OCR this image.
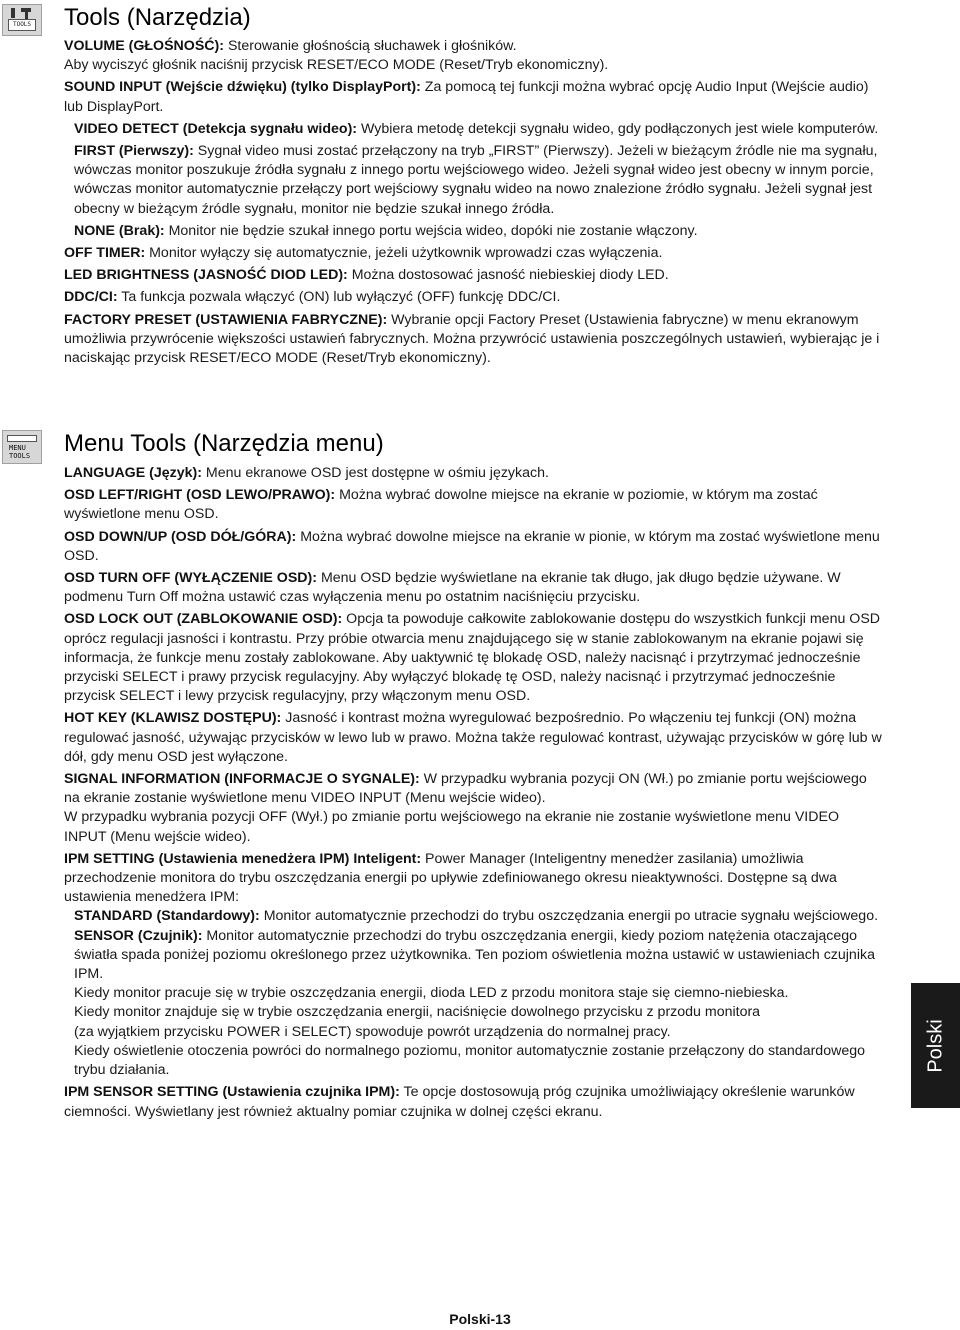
TOOLS
MENU
TOOLS
Tools (Narzędzia)

VOLUME (GŁOŚNOŚĆ): Sterowanie głośnością słuchawek i głośników.
Aby wyciszyć głośnik naciśnij przycisk RESET/ECO MODE (Reset/Tryb ekonomiczny).

SOUND INPUT (Wejście dźwięku) (tylko DisplayPort): Za pomocą tej funkcji można wybrać opcję Audio Input (Wejście audio) lub DisplayPort.

VIDEO DETECT (Detekcja sygnału wideo): Wybiera metodę detekcji sygnału wideo, gdy podłączonych jest wiele komputerów.

FIRST (Pierwszy): Sygnał video musi zostać przełączony na tryb „FIRST” (Pierwszy). Jeżeli w bieżącym źródle nie ma sygnału, wówczas monitor poszukuje źródła sygnału z innego portu wejściowego wideo. Jeżeli sygnał wideo jest obecny w innym porcie, wówczas monitor automatycznie przełączy port wejściowy sygnału wideo na nowo znalezione źródło sygnału. Jeżeli sygnał jest obecny w bieżącym źródle sygnału, monitor nie będzie szukał innego źródła.

NONE (Brak): Monitor nie będzie szukał innego portu wejścia wideo, dopóki nie zostanie włączony.

OFF TIMER: Monitor wyłączy się automatycznie, jeżeli użytkownik wprowadzi czas wyłączenia.

LED BRIGHTNESS (JASNOŚĆ DIOD LED): Można dostosować jasność niebieskiej diody LED.

DDC/CI: Ta funkcja pozwala włączyć (ON) lub wyłączyć (OFF) funkcję DDC/CI.

FACTORY PRESET (USTAWIENIA FABRYCZNE): Wybranie opcji Factory Preset (Ustawienia fabryczne) w menu ekranowym umożliwia przywrócenie większości ustawień fabrycznych. Można przywrócić ustawienia poszczególnych ustawień, wybierając je i naciskając przycisk RESET/ECO MODE (Reset/Tryb ekonomiczny).

Menu Tools (Narzędzia menu)

LANGUAGE (Język): Menu ekranowe OSD jest dostępne w ośmiu językach.

OSD LEFT/RIGHT (OSD LEWO/PRAWO): Można wybrać dowolne miejsce na ekranie w poziomie, w którym ma zostać wyświetlone menu OSD.

OSD DOWN/UP (OSD DÓŁ/GÓRA): Można wybrać dowolne miejsce na ekranie w pionie, w którym ma zostać wyświetlone menu OSD.

OSD TURN OFF (WYŁĄCZENIE OSD): Menu OSD będzie wyświetlane na ekranie tak długo, jak długo będzie używane. W podmenu Turn Off można ustawić czas wyłączenia menu po ostatnim naciśnięciu przycisku.

OSD LOCK OUT (ZABLOKOWANIE OSD): Opcja ta powoduje całkowite zablokowanie dostępu do wszystkich funkcji menu OSD oprócz regulacji jasności i kontrastu. Przy próbie otwarcia menu znajdującego się w stanie zablokowanym na ekranie pojawi się informacja, że funkcje menu zostały zablokowane. Aby uaktywnić tę blokadę OSD, należy nacisnąć i przytrzymać jednocześnie przyciski SELECT i prawy przycisk regulacyjny. Aby wyłączyć blokadę tę OSD, należy nacisnąć i przytrzymać jednocześnie przycisk SELECT i lewy przycisk regulacyjny, przy włączonym menu OSD.

HOT KEY (KLAWISZ DOSTĘPU): Jasność i kontrast można wyregulować bezpośrednio. Po włączeniu tej funkcji (ON) można regulować jasność, używając przycisków w lewo lub w prawo. Można także regulować kontrast, używając przycisków w górę lub w dół, gdy menu OSD jest wyłączone.

SIGNAL INFORMATION (INFORMACJE O SYGNALE): W przypadku wybrania pozycji ON (Wł.) po zmianie portu wejściowego na ekranie zostanie wyświetlone menu VIDEO INPUT (Menu wejście wideo).
W przypadku wybrania pozycji OFF (Wył.) po zmianie portu wejściowego na ekranie nie zostanie wyświetlone menu VIDEO INPUT (Menu wejście wideo).

IPM SETTING (Ustawienia menedżera IPM) Inteligent: Power Manager (Inteligentny menedżer zasilania) umożliwia przechodzenie monitora do trybu oszczędzania energii po upływie zdefiniowanego okresu nieaktywności. Dostępne są dwa ustawienia menedżera IPM:

STANDARD (Standardowy): Monitor automatycznie przechodzi do trybu oszczędzania energii po utracie sygnału wejściowego.
SENSOR (Czujnik): Monitor automatycznie przechodzi do trybu oszczędzania energii, kiedy poziom natężenia otaczającego światła spada poniżej poziomu określonego przez użytkownika. Ten poziom oświetlenia można ustawić w ustawieniach czujnika IPM.
Kiedy monitor pracuje się w trybie oszczędzania energii, dioda LED z przodu monitora staje się ciemno-niebieska.
Kiedy monitor znajduje się w trybie oszczędzania energii, naciśnięcie dowolnego przycisku z przodu monitora
(za wyjątkiem przycisku POWER i SELECT) spowoduje powrót urządzenia do normalnej pracy.
Kiedy oświetlenie otoczenia powróci do normalnego poziomu, monitor automatycznie zostanie przełączony do standardowego trybu działania.

IPM SENSOR SETTING (Ustawienia czujnika IPM): Te opcje dostosowują próg czujnika umożliwiający określenie warunków ciemności. Wyświetlany jest również aktualny pomiar czujnika w dolnej części ekranu.

Polski
Polski-13
